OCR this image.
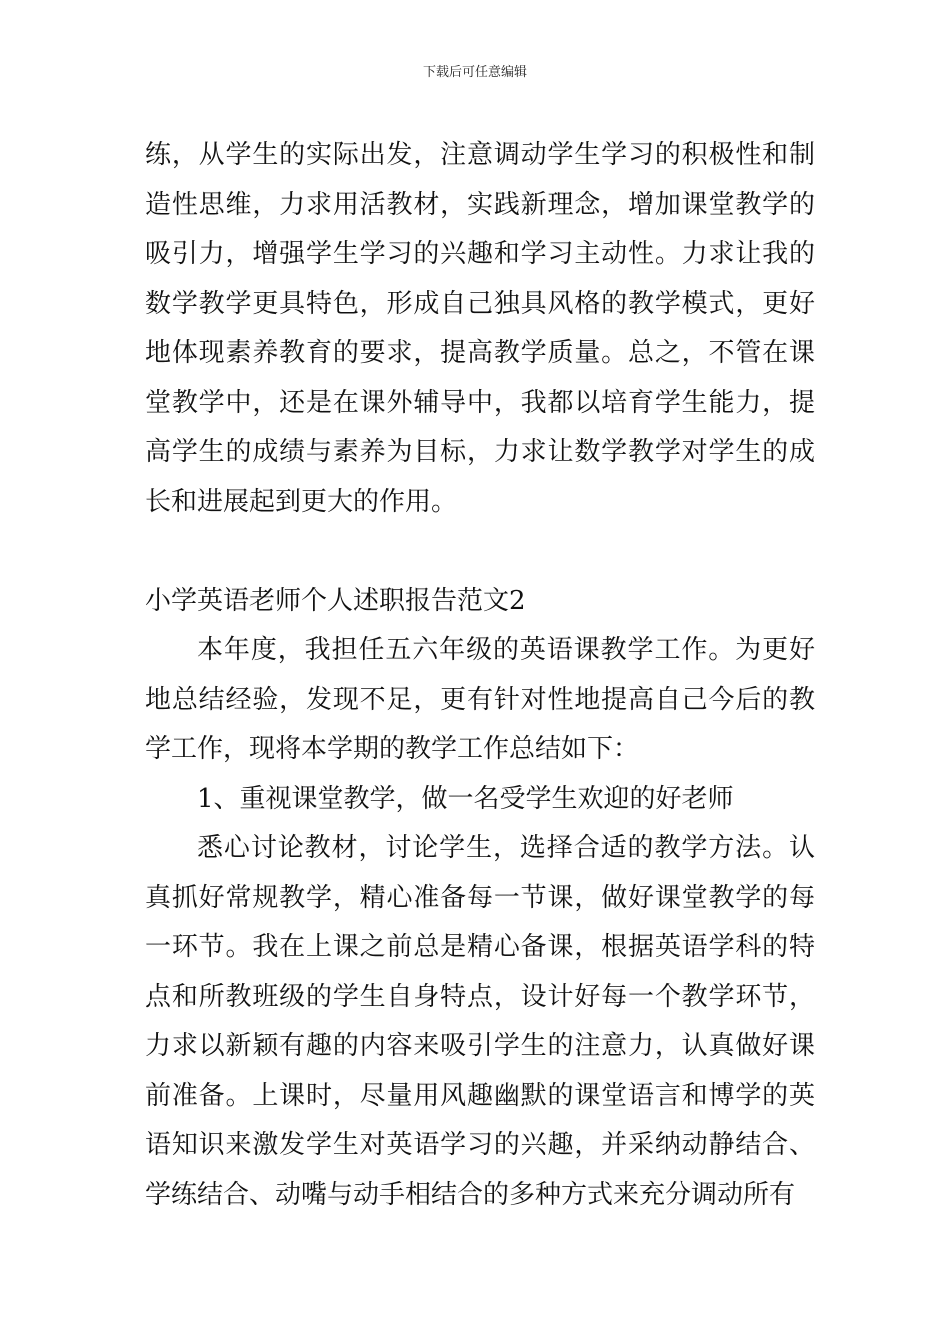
下载后可任意编辑

练，从学生的实际出发，注意调动学生学习的积极性和制造性思维，力求用活教材，实践新理念，增加课堂教学的吸引力，增强学生学习的兴趣和学习主动性。力求让我的数学教学更具特色，形成自己独具风格的教学模式，更好地体现素养教育的要求，提高教学质量。总之，不管在课堂教学中，还是在课外辅导中，我都以培育学生能力，提高学生的成绩与素养为目标，力求让数学教学对学生的成长和进展起到更大的作用。

小学英语老师个人述职报告范文2

本年度，我担任五六年级的英语课教学工作。为更好地总结经验，发现不足，更有针对性地提高自己今后的教学工作，现将本学期的教学工作总结如下：

1、重视课堂教学，做一名受学生欢迎的好老师

悉心讨论教材，讨论学生，选择合适的教学方法。认真抓好常规教学，精心准备每一节课，做好课堂教学的每一环节。我在上课之前总是精心备课，根据英语学科的特点和所教班级的学生自身特点，设计好每一个教学环节，力求以新颖有趣的内容来吸引学生的注意力，认真做好课前准备。上课时，尽量用风趣幽默的课堂语言和博学的英语知识来激发学生对英语学习的兴趣，并采纳动静结合、学练结合、动嘴与动手相结合的多种方式来充分调动所有
